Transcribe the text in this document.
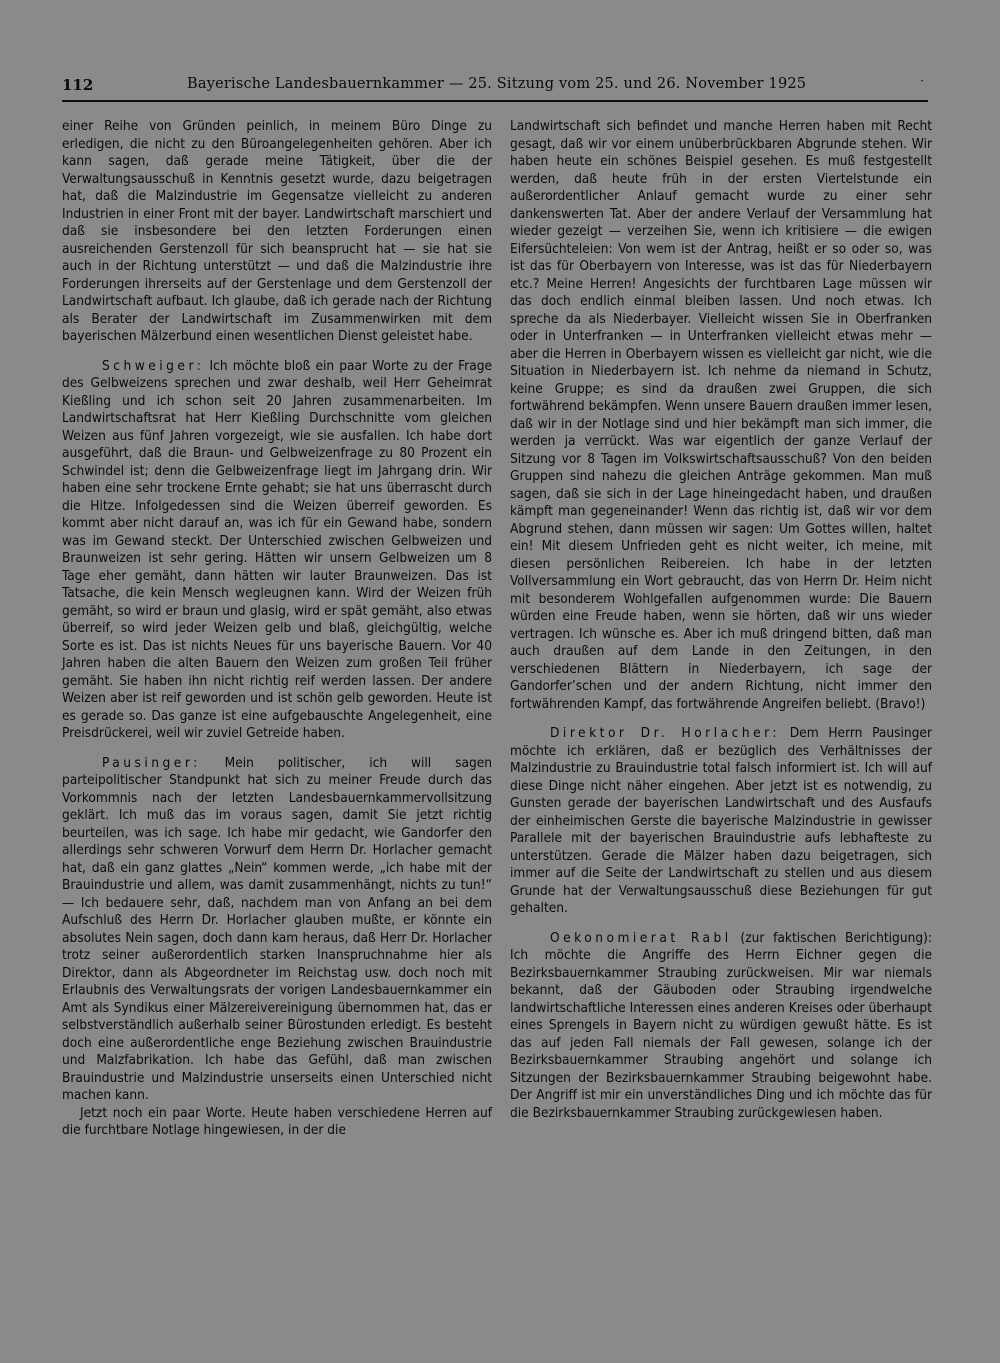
112	Bayerische Landesbauernkammer — 25. Sitzung vom 25. und 26. November 1925	·

einer Reihe von Gründen peinlich, in meinem Büro Dinge zu erledigen, die nicht zu den Büroangelegenheiten gehören. Aber ich kann sagen, daß gerade meine Tätigkeit, über die der Verwaltungsausschuß in Kenntnis gesetzt wurde, dazu beigetragen hat, daß die Malzindustrie im Gegensatze vielleicht zu anderen Industrien in einer Front mit der bayer. Landwirtschaft marschiert und daß sie insbesondere bei den letzten Forderungen einen ausreichenden Gerstenzoll für sich beansprucht hat — sie hat sie auch in der Richtung unterstützt — und daß die Malzindustrie ihre Forderungen ihrerseits auf der Gerstenlage und dem Gerstenzoll der Landwirtschaft aufbaut. Ich glaube, daß ich gerade nach der Richtung als Berater der Landwirtschaft im Zusammenwirken mit dem bayerischen Mälzerbund einen wesentlichen Dienst geleistet habe.

Schweiger: Ich möchte bloß ein paar Worte zu der Frage des Gelbweizens sprechen und zwar deshalb, weil Herr Geheimrat Kießling und ich schon seit 20 Jahren zusammenarbeiten. Im Landwirtschaftsrat hat Herr Kießling Durchschnitte vom gleichen Weizen aus fünf Jahren vorgezeigt, wie sie ausfallen. Ich habe dort ausgeführt, daß die Braun- und Gelbweizenfrage zu 80 Prozent ein Schwindel ist; denn die Gelbweizenfrage liegt im Jahrgang drin. Wir haben eine sehr trockene Ernte gehabt; sie hat uns überrascht durch die Hitze. Infolgedessen sind die Weizen überreif geworden. Es kommt aber nicht darauf an, was ich für ein Gewand habe, sondern was im Gewand steckt. Der Unterschied zwischen Gelbweizen und Braunweizen ist sehr gering. Hätten wir unsern Gelbweizen um 8 Tage eher gemäht, dann hätten wir lauter Braunweizen. Das ist Tatsache, die kein Mensch wegleugnen kann. Wird der Weizen früh gemäht, so wird er braun und glasig, wird er spät gemäht, also etwas überreif, so wird jeder Weizen gelb und blaß, gleichgültig, welche Sorte es ist. Das ist nichts Neues für uns bayerische Bauern. Vor 40 Jahren haben die alten Bauern den Weizen zum großen Teil früher gemäht. Sie haben ihn nicht richtig reif werden lassen. Der andere Weizen aber ist reif geworden und ist schön gelb geworden. Heute ist es gerade so. Das ganze ist eine aufgebauschte Angelegenheit, eine Preisdrückerei, weil wir zuviel Getreide haben.

Pausinger: Mein politischer, ich will sagen parteipolitischer Standpunkt hat sich zu meiner Freude durch das Vorkommnis nach der letzten Landesbauernkammervollsitzung geklärt. Ich muß das im voraus sagen, damit Sie jetzt richtig beurteilen, was ich sage. Ich habe mir gedacht, wie Gandorfer den allerdings sehr schweren Vorwurf dem Herrn Dr. Horlacher gemacht hat, daß ein ganz glattes „Nein“ kommen werde, „ich habe mit der Brauindustrie und allem, was damit zusammenhängt, nichts zu tun!“ — Ich bedauere sehr, daß, nachdem man von Anfang an bei dem Aufschluß des Herrn Dr. Horlacher glauben mußte, er könnte ein absolutes Nein sagen, doch dann kam heraus, daß Herr Dr. Horlacher trotz seiner außerordentlich starken Inanspruchnahme hier als Direktor, dann als Abgeordneter im Reichstag usw. doch noch mit Erlaubnis des Verwaltungsrats der vorigen Landesbauernkammer ein Amt als Syndikus einer Mälzereivereinigung übernommen hat, das er selbstverständlich außerhalb seiner Bürostunden erledigt. Es besteht doch eine außerordentliche enge Beziehung zwischen Brauindustrie und Malzfabrikation. Ich habe das Gefühl, daß man zwischen Brauindustrie und Malzindustrie unserseits einen Unterschied nicht machen kann.

Jetzt noch ein paar Worte. Heute haben verschiedene Herren auf die furchtbare Notlage hingewiesen, in der die

Landwirtschaft sich befindet und manche Herren haben mit Recht gesagt, daß wir vor einem unüberbrückbaren Abgrunde stehen. Wir haben heute ein schönes Beispiel gesehen. Es muß festgestellt werden, daß heute früh in der ersten Viertelstunde ein außerordentlicher Anlauf gemacht wurde zu einer sehr dankenswerten Tat. Aber der andere Verlauf der Versammlung hat wieder gezeigt — verzeihen Sie, wenn ich kritisiere — die ewigen Eifersüchteleien: Von wem ist der Antrag, heißt er so oder so, was ist das für Oberbayern von Interesse, was ist das für Niederbayern etc.? Meine Herren! Angesichts der furchtbaren Lage müssen wir das doch endlich einmal bleiben lassen. Und noch etwas. Ich spreche da als Niederbayer. Vielleicht wissen Sie in Oberfranken oder in Unterfranken — in Unterfranken vielleicht etwas mehr — aber die Herren in Oberbayern wissen es vielleicht gar nicht, wie die Situation in Niederbayern ist. Ich nehme da niemand in Schutz, keine Gruppe; es sind da draußen zwei Gruppen, die sich fortwährend bekämpfen. Wenn unsere Bauern draußen immer lesen, daß wir in der Notlage sind und hier bekämpft man sich immer, die werden ja verrückt. Was war eigentlich der ganze Verlauf der Sitzung vor 8 Tagen im Volkswirtschaftsausschuß? Von den beiden Gruppen sind nahezu die gleichen Anträge gekommen. Man muß sagen, daß sie sich in der Lage hineingedacht haben, und draußen kämpft man gegeneinander! Wenn das richtig ist, daß wir vor dem Abgrund stehen, dann müssen wir sagen: Um Gottes willen, haltet ein! Mit diesem Unfrieden geht es nicht weiter, ich meine, mit diesen persönlichen Reibereien. Ich habe in der letzten Vollversammlung ein Wort gebraucht, das von Herrn Dr. Heim nicht mit besonderem Wohlgefallen aufgenommen wurde: Die Bauern würden eine Freude haben, wenn sie hörten, daß wir uns wieder vertragen. Ich wünsche es. Aber ich muß dringend bitten, daß man auch draußen auf dem Lande in den Zeitungen, in den verschiedenen Blättern in Niederbayern, ich sage der Gandorfer’schen und der andern Richtung, nicht immer den fortwährenden Kampf, das fortwährende Angreifen beliebt. (Bravo!)

Direktor Dr. Horlacher: Dem Herrn Pausinger möchte ich erklären, daß er bezüglich des Verhältnisses der Malzindustrie zu Brauindustrie total falsch informiert ist. Ich will auf diese Dinge nicht näher eingehen. Aber jetzt ist es notwendig, zu Gunsten gerade der bayerischen Landwirtschaft und des Ausfaufs der einheimischen Gerste die bayerische Malzindustrie in gewisser Parallele mit der bayerischen Brauindustrie aufs lebhafteste zu unterstützen. Gerade die Mälzer haben dazu beigetragen, sich immer auf die Seite der Landwirtschaft zu stellen und aus diesem Grunde hat der Verwaltungsausschuß diese Beziehungen für gut gehalten.

Oekonomierat Rabl (zur faktischen Berichtigung): Ich möchte die Angriffe des Herrn Eichner gegen die Bezirksbauernkammer Straubing zurückweisen. Mir war niemals bekannt, daß der Gäuboden oder Straubing irgendwelche landwirtschaftliche Interessen eines anderen Kreises oder überhaupt eines Sprengels in Bayern nicht zu würdigen gewußt hätte. Es ist das auf jeden Fall niemals der Fall gewesen, solange ich der Bezirksbauernkammer Straubing angehört und solange ich Sitzungen der Bezirksbauernkammer Straubing beigewohnt habe. Der Angriff ist mir ein unverständliches Ding und ich möchte das für die Bezirksbauernkammer Straubing zurückgewiesen haben.
